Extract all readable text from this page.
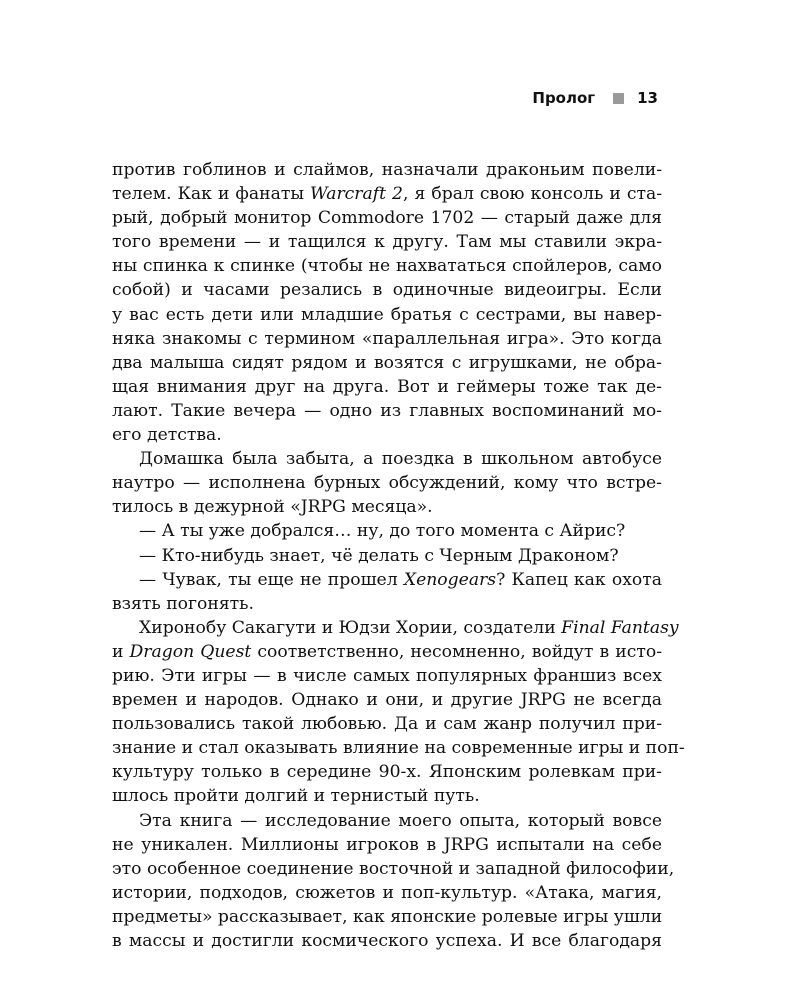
Пролог	13
против гоблинов и слаймов, назначали драконьим повели-
телем. Как и фанаты Warcraft 2, я брал свою консоль и ста-
рый, добрый монитор Commodore 1702 — старый даже для
того времени — и тащился к другу. Там мы ставили экра-
ны спинка к спинке (чтобы не нахвататься спойлеров, само
собой) и часами резались в одиночные видеоигры. Если
у вас есть дети или младшие братья с сестрами, вы навер-
няка знакомы с термином «параллельная игра». Это когда
два малыша сидят рядом и возятся с игрушками, не обра-
щая внимания друг на друга. Вот и геймеры тоже так де-
лают. Такие вечера — одно из главных воспоминаний мо-
его детства.
Домашка была забыта, а поездка в школьном автобусе
наутро — исполнена бурных обсуждений, кому что встре-
тилось в дежурной «JRPG месяца».
— А ты уже добрался… ну, до того момента с Айрис?
— Кто-нибудь знает, чё делать с Черным Драконом?
— Чувак, ты еще не прошел Xenogears? Капец как охота
взять погонять.
Хиронобу Сакагути и Юдзи Хории, создатели Final Fantasy
и Dragon Quest соответственно, несомненно, войдут в исто-
рию. Эти игры — в числе самых популярных франшиз всех
времен и народов. Однако и они, и другие JRPG не всегда
пользовались такой любовью. Да и сам жанр получил при-
знание и стал оказывать влияние на современные игры и поп-
культуру только в середине 90-х. Японским ролевкам при-
шлось пройти долгий и тернистый путь.
Эта книга — исследование моего опыта, который вовсе
не уникален. Миллионы игроков в JRPG испытали на себе
это особенное соединение восточной и западной философии,
истории, подходов, сюжетов и поп-культур. «Атака, магия,
предметы» рассказывает, как японские ролевые игры ушли
в массы и достигли космического успеха. И все благодаря
